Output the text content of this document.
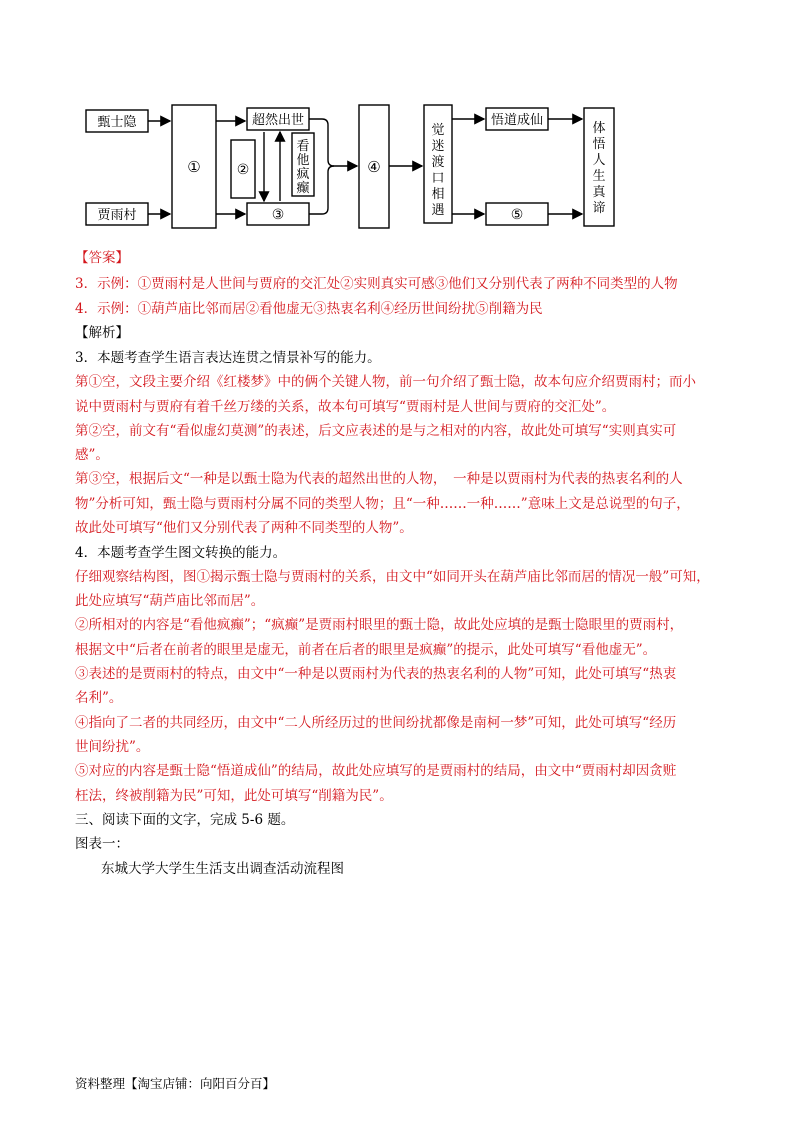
甄士隐
贾雨村
①
超然出世
②
看
他
疯
癫
③
④
觉
迷
渡
口
相
遇
悟道成仙
⑤
体
悟
人
生
真
谛
【答案】
3．示例：①贾雨村是人世间与贾府的交汇处②实则真实可感③他们又分别代表了两种不同类型的人物
4．示例：①葫芦庙比邻而居②看他虚无③热衷名利④经历世间纷扰⑤削籍为民
【解析】
3．本题考查学生语言表达连贯之情景补写的能力。
第①空，文段主要介绍《红楼梦》中的俩个关键人物，前一句介绍了甄士隐，故本句应介绍贾雨村；而小
说中贾雨村与贾府有着千丝万缕的关系，故本句可填写“贾雨村是人世间与贾府的交汇处”。
第②空，前文有“看似虚幻莫测”的表述，后文应表述的是与之相对的内容，故此处可填写“实则真实可
感”。
第③空，根据后文“一种是以甄士隐为代表的超然出世的人物，　一种是以贾雨村为代表的热衷名利的人
物”分析可知，甄士隐与贾雨村分属不同的类型人物；且“一种……一种……”意味上文是总说型的句子，
故此处可填写“他们又分别代表了两种不同类型的人物”。
4．本题考查学生图文转换的能力。
仔细观察结构图，图①揭示甄士隐与贾雨村的关系，由文中“如同开头在葫芦庙比邻而居的情况一般”可知，
此处应填写“葫芦庙比邻而居”。
②所相对的内容是“看他疯癫”；“疯癫”是贾雨村眼里的甄士隐，故此处应填的是甄士隐眼里的贾雨村，
根据文中“后者在前者的眼里是虚无，前者在后者的眼里是疯癫”的提示，此处可填写“看他虚无”。
③表述的是贾雨村的特点，由文中“一种是以贾雨村为代表的热衷名利的人物”可知，此处可填写“热衷
名利”。
④指向了二者的共同经历，由文中“二人所经历过的世间纷扰都像是南柯一梦”可知，此处可填写“经历
世间纷扰”。
⑤对应的内容是甄士隐“悟道成仙”的结局，故此处应填写的是贾雨村的结局，由文中“贾雨村却因贪赃
枉法，终被削籍为民”可知，此处可填写“削籍为民”。
三、阅读下面的文字，完成 5-6 题。
图表一：
东城大学大学生生活支出调查活动流程图
资料整理【淘宝店铺：向阳百分百】
